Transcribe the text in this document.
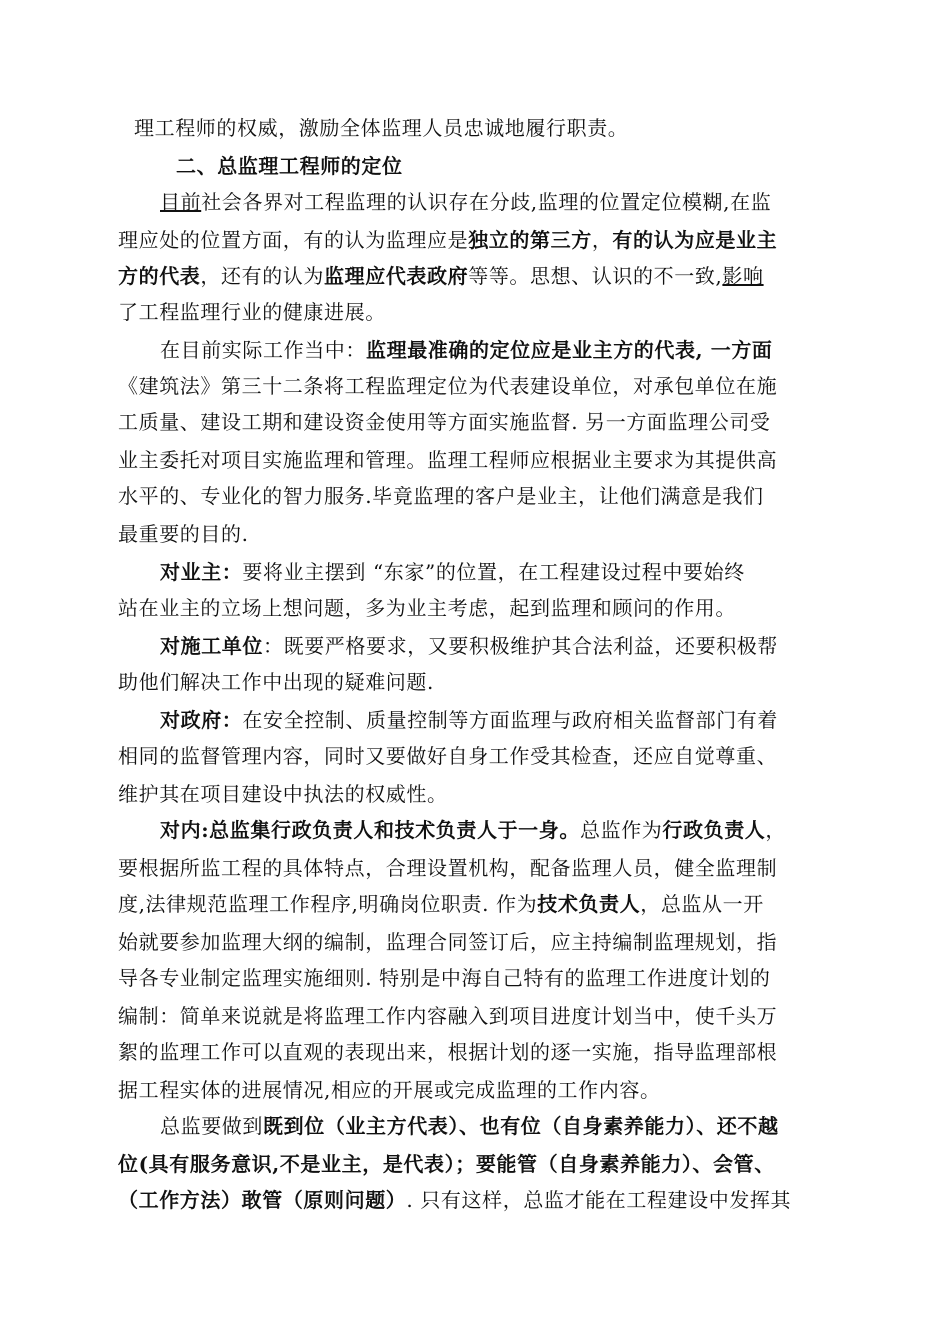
理工程师的权威，激励全体监理人员忠诚地履行职责。
二、总监理工程师的定位
目前社会各界对工程监理的认识存在分歧,监理的位置定位模糊,在监
理应处的位置方面，有的认为监理应是独立的第三方，有的认为应是业主
方的代表，还有的认为监理应代表政府等等。思想、认识的不一致,影响
了工程监理行业的健康进展。
在目前实际工作当中：监理最准确的定位应是业主方的代表, 一方面
《建筑法》第三十二条将工程监理定位为代表建设单位，对承包单位在施
工质量、建设工期和建设资金使用等方面实施监督. 另一方面监理公司受
业主委托对项目实施监理和管理。监理工程师应根据业主要求为其提供高
水平的、专业化的智力服务.毕竟监理的客户是业主，让他们满意是我们
最重要的目的.
对业主：要将业主摆到 “东家”的位置，在工程建设过程中要始终
站在业主的立场上想问题，多为业主考虑，起到监理和顾问的作用。
对施工单位：既要严格要求，又要积极维护其合法利益，还要积极帮
助他们解决工作中出现的疑难问题.
对政府：在安全控制、质量控制等方面监理与政府相关监督部门有着
相同的监督管理内容，同时又要做好自身工作受其检查，还应自觉尊重、
维护其在项目建设中执法的权威性。
对内:总监集行政负责人和技术负责人于一身。总监作为行政负责人，
要根据所监工程的具体特点，合理设置机构，配备监理人员，健全监理制
度,法律规范监理工作程序,明确岗位职责. 作为技术负责人，总监从一开
始就要参加监理大纲的编制，监理合同签订后，应主持编制监理规划，指
导各专业制定监理实施细则. 特别是中海自己特有的监理工作进度计划的
编制：简单来说就是将监理工作内容融入到项目进度计划当中，使千头万
絮的监理工作可以直观的表现出来，根据计划的逐一实施，指导监理部根
据工程实体的进展情况,相应的开展或完成监理的工作内容。
总监要做到既到位（业主方代表）、也有位（自身素养能力）、还不越
位(具有服务意识,不是业主，是代表）；要能管（自身素养能力）、会管、
（工作方法）敢管（原则问题）. 只有这样，总监才能在工程建设中发挥其
